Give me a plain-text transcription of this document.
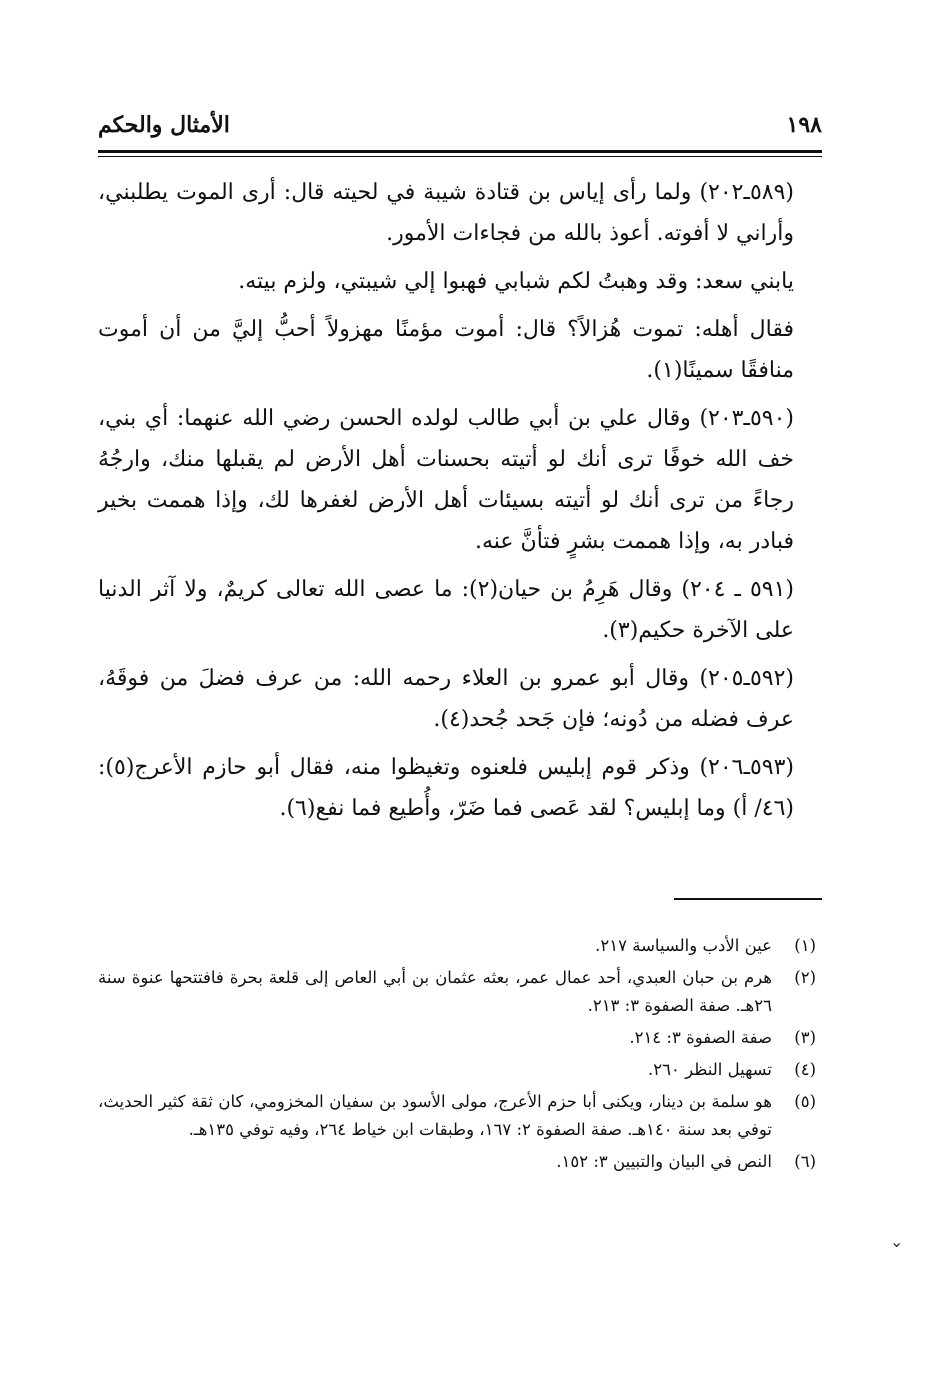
١٩٨
الأمثال والحكم

(٥٨٩ـ٢٠٢) ولما رأى إياس بن قتادة شيبة في لحيته قال: أرى الموت يطلبني، وأراني لا أفوته. أعوذ بالله من فجاءات الأمور.

يابني سعد: وقد وهبتُ لكم شبابي فهبوا إلي شيبتي، ولزم بيته.

فقال أهله: تموت هُزالاً؟ قال: أموت مؤمنًا مهزولاً أحبُّ إليَّ من أن أموت منافقًا سمينًا(١).

(٥٩٠ـ٢٠٣) وقال علي بن أبي طالب لولده الحسن رضي الله عنهما: أي بني، خف الله خوفًا ترى أنك لو أتيته بحسنات أهل الأرض لم يقبلها منك، وارجُهُ رجاءً من ترى أنك لو أتيته بسيئات أهل الأرض لغفرها لك، وإذا هممت بخير فبادر به، وإذا هممت بشرٍ فتأنَّ عنه.

(٥٩١ ـ ٢٠٤) وقال هَرِمُ بن حيان(٢): ما عصى الله تعالى كريمٌ، ولا آثر الدنيا على الآخرة حكيم(٣).

(٥٩٢ـ٢٠٥) وقال أبو عمرو بن العلاء رحمه الله: من عرف فضلَ من فوقَهُ، عرف فضله من دُونه؛ فإن جَحد جُحد(٤).

(٥٩٣ـ٢٠٦) وذكر قوم إبليس فلعنوه وتغيظوا منه، فقال أبو حازم الأعرج(٥): (٤٦/ أ) وما إبليس؟ لقد عَصى فما ضَرّ، وأُطيع فما نفع(٦).

(١)
عين الأدب والسياسة ٢١٧.
(٢)
هرم بن حبان العبدي، أحد عمال عمر، بعثه عثمان بن أبي العاص إلى قلعة بحرة فافتتحها عنوة سنة ٢٦هـ. صفة الصفوة ٣: ٢١٣.
(٣)
صفة الصفوة ٣: ٢١٤.
(٤)
تسهيل النظر ٢٦٠.
(٥)
هو سلمة بن دينار، ويكنى أبا حزم الأعرج، مولى الأسود بن سفيان المخزومي، كان ثقة كثير الحديث، توفي بعد سنة ١٤٠هـ. صفة الصفوة ٢: ١٦٧، وطبقات ابن خياط ٢٦٤، وفيه توفي ١٣٥هـ.
(٦)
النص في البيان والتبيين ٣: ١٥٢.
⌄
